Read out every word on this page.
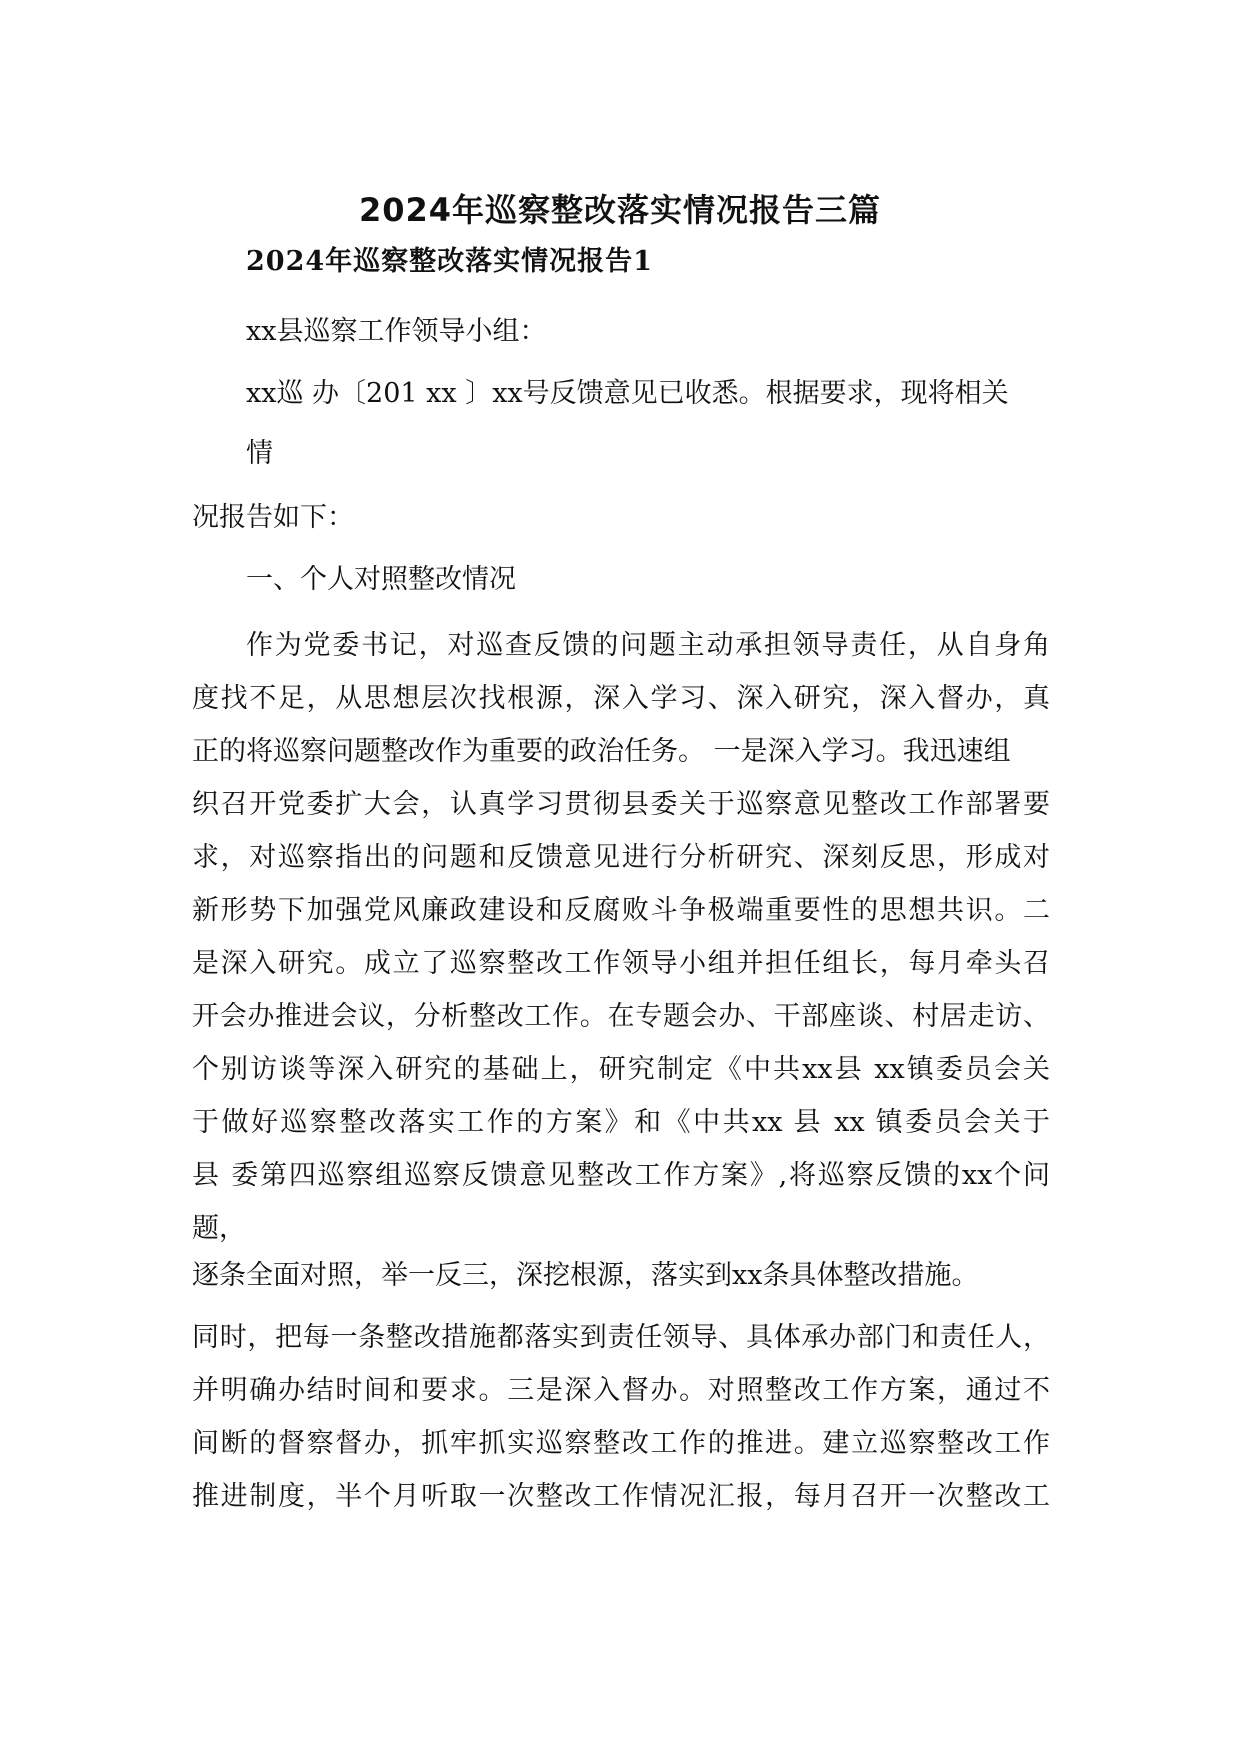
2024年巡察整改落实情况报告三篇
2024年巡察整改落实情况报告1
xx县巡察工作领导小组：
xx巡 办〔201 xx 〕xx号反馈意见已收悉。根据要求，现将相关
情
况报告如下：
一、个人对照整改情况
作为党委书记，对巡查反馈的问题主动承担领导责任，从自身角
度找不足，从思想层次找根源，深入学习、深入研究，深入督办，真
正的将巡察问题整改作为重要的政治任务。 一是深入学习。我迅速组
织召开党委扩大会，认真学习贯彻县委关于巡察意见整改工作部署要
求，对巡察指出的问题和反馈意见进行分析研究、深刻反思，形成对
新形势下加强党风廉政建设和反腐败斗争极端重要性的思想共识。二
是深入研究。成立了巡察整改工作领导小组并担任组长，每月牵头召
开会办推进会议，分析整改工作。在专题会办、干部座谈、村居走访、
个别访谈等深入研究的基础上，研究制定《中共xx县 xx镇委员会关
于做好巡察整改落实工作的方案》和《中共xx 县 xx 镇委员会关于
县 委第四巡察组巡察反馈意见整改工作方案》,将巡察反馈的xx个问
题，
逐条全面对照，举一反三，深挖根源，落实到xx条具体整改措施。
同时，把每一条整改措施都落实到责任领导、具体承办部门和责任人，
并明确办结时间和要求。三是深入督办。对照整改工作方案，通过不
间断的督察督办，抓牢抓实巡察整改工作的推进。建立巡察整改工作
推进制度，半个月听取一次整改工作情况汇报，每月召开一次整改工
